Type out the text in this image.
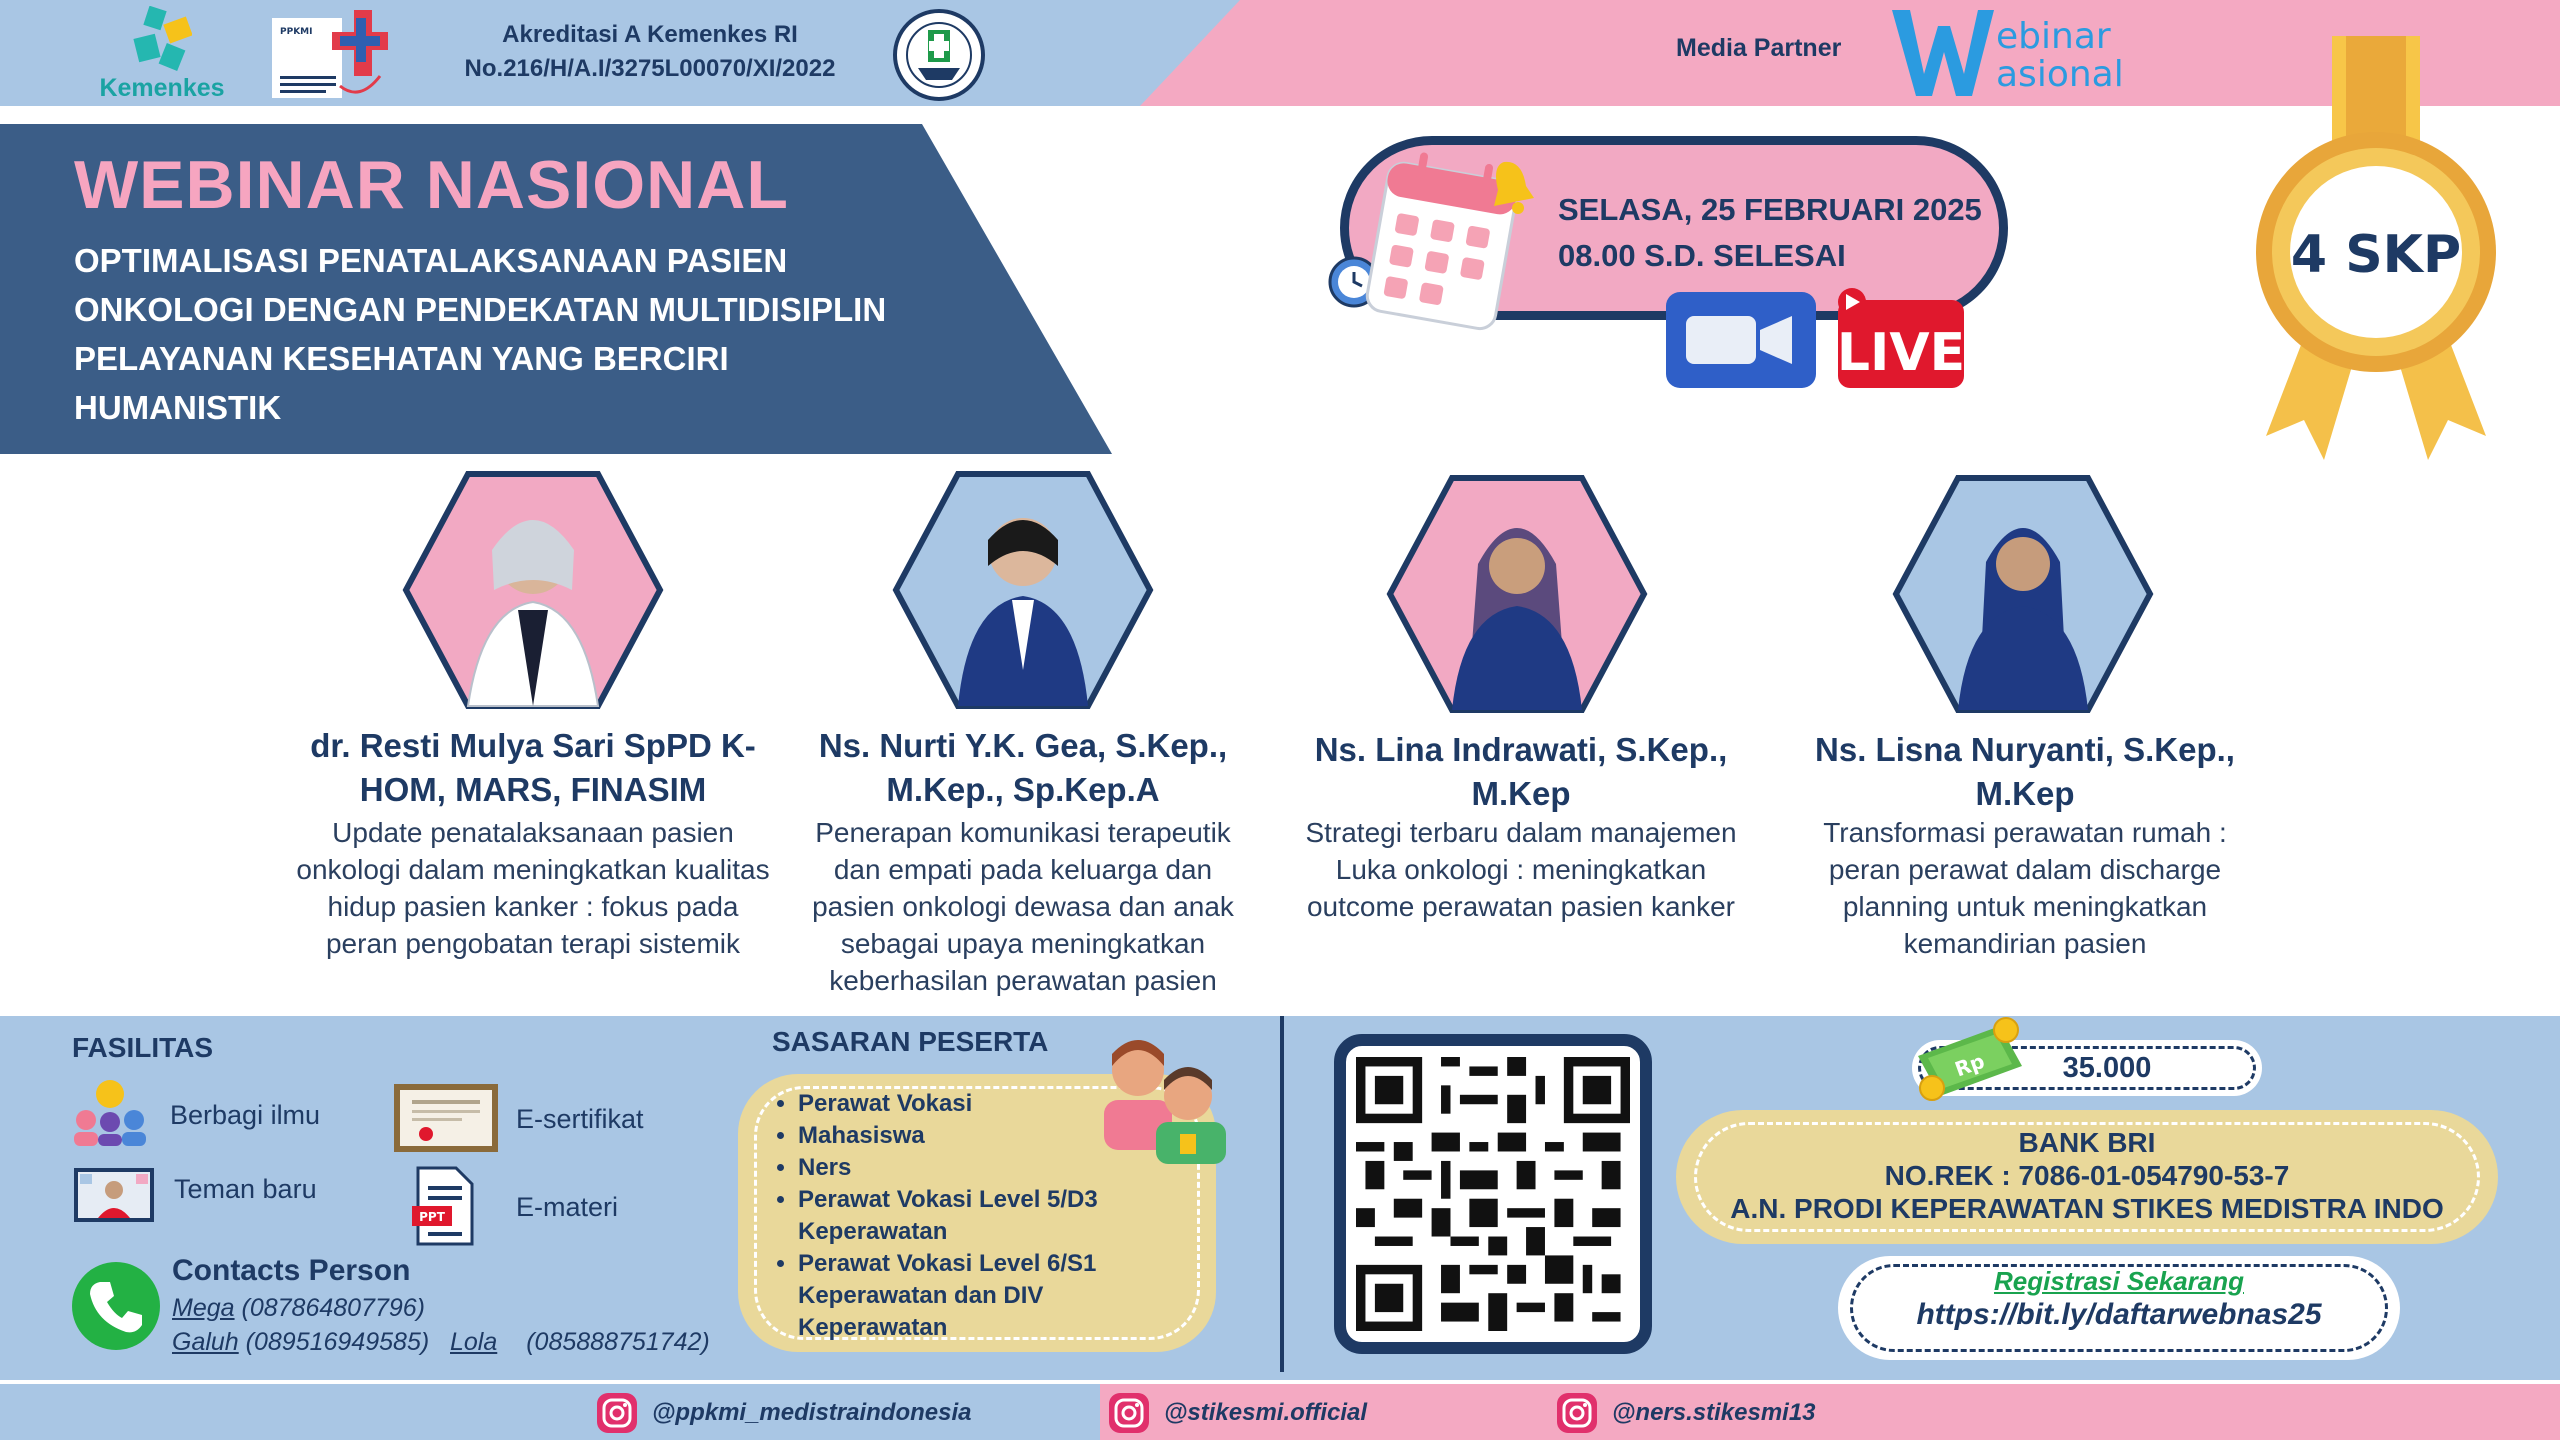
Kemenkes
PPKMI	Akreditasi A Kemenkes RI
No.216/H/A.I/3275L00070/XI/2022
Media Partner	ebinar
asional
WEBINAR NASIONAL
OPTIMALISASI PENATALAKSANAAN PASIEN ONKOLOGI DENGAN PENDEKATAN MULTIDISIPLIN PELAYANAN KESEHATAN YANG BERCIRI HUMANISTIK
SELASA, 25 FEBRUARI 2025
08.00 S.D. SELESAI
LIVE
4 SKP
dr. Resti Mulya Sari SpPD K-HOM, MARS, FINASIM
Update penatalaksanaan pasien onkologi dalam meningkatkan kualitas hidup pasien kanker : fokus pada peran pengobatan terapi sistemik
Ns. Nurti Y.K. Gea, S.Kep., M.Kep., Sp.Kep.A
Penerapan komunikasi terapeutik dan empati pada keluarga dan pasien onkologi dewasa dan anak sebagai upaya meningkatkan keberhasilan perawatan pasien
Ns. Lina Indrawati, S.Kep., M.Kep
Strategi terbaru dalam manajemen Luka onkologi : meningkatkan outcome perawatan pasien kanker
Ns. Lisna Nuryanti, S.Kep., M.Kep
Transformasi perawatan rumah : peran perawat dalam discharge planning untuk meningkatkan kemandirian pasien
FASILITAS
Berbagi ilmu	E-sertifikat
Teman baru
PPT	E-materi
Contacts Person
Mega (087864807796)
Galuh (089516949585) Lola (085888751742)
SASARAN PESERTA
• Perawat Vokasi
• Mahasiswa
• Ners
• Perawat Vokasi Level 5/D3 Keperawatan
• Perawat Vokasi Level 6/S1 Keperawatan dan DIV Keperawatan
Rp	35.000
BANK BRI
NO.REK : 7086-01-054790-53-7
A.N. PRODI KEPERAWATAN STIKES MEDISTRA INDO
Registrasi Sekarang
https://bit.ly/daftarwebnas25
@ppkmi_medistraindonesia	@stikesmi.official	@ners.stikesmi13
